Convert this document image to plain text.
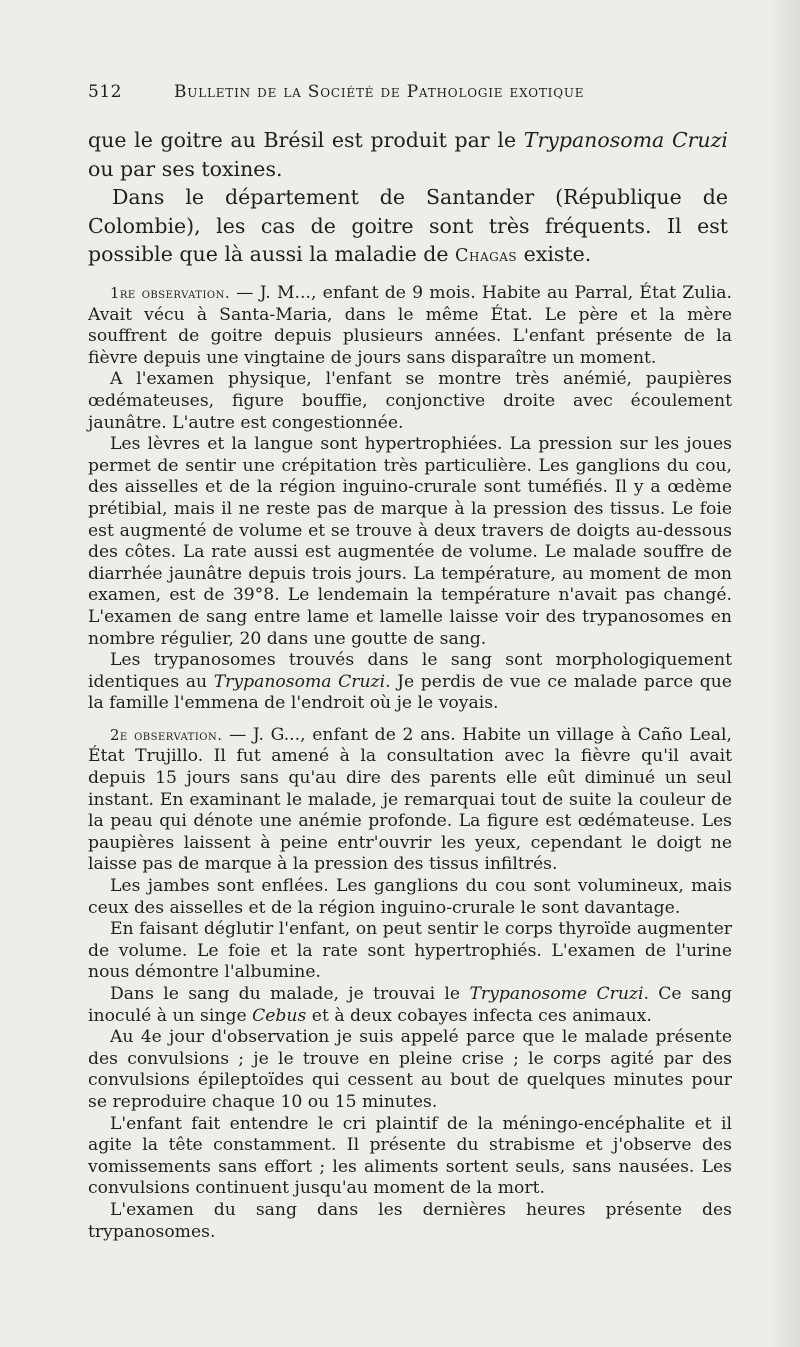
512	Bulletin de la Société de Pathologie exotique

que le goitre au Brésil est produit par le Trypanosoma Cruzi ou par ses toxines.

Dans le département de Santander (République de Colombie), les cas de goitre sont très fréquents. Il est possible que là aussi la maladie de Chagas existe.

1re observation. — J. M..., enfant de 9 mois. Habite au Parral, État Zulia. Avait vécu à Santa-Maria, dans le même État. Le père et la mère souffrent de goitre depuis plusieurs années. L'enfant présente de la fièvre depuis une vingtaine de jours sans disparaître un moment.

A l'examen physique, l'enfant se montre très anémié, paupières œdémateuses, figure bouffie, conjonctive droite avec écoulement jaunâtre. L'autre est congestionnée.

Les lèvres et la langue sont hypertrophiées. La pression sur les joues permet de sentir une crépitation très particulière. Les ganglions du cou, des aisselles et de la région inguino-crurale sont tuméfiés. Il y a œdème prétibial, mais il ne reste pas de marque à la pression des tissus. Le foie est augmenté de volume et se trouve à deux travers de doigts au-dessous des côtes. La rate aussi est augmentée de volume. Le malade souffre de diarrhée jaunâtre depuis trois jours. La température, au moment de mon examen, est de 39°8. Le lendemain la température n'avait pas changé. L'examen de sang entre lame et lamelle laisse voir des trypanosomes en nombre régulier, 20 dans une goutte de sang.

Les trypanosomes trouvés dans le sang sont morphologiquement identiques au Trypanosoma Cruzi. Je perdis de vue ce malade parce que la famille l'emmena de l'endroit où je le voyais.

2e observation. — J. G..., enfant de 2 ans. Habite un village à Caño Leal, État Trujillo. Il fut amené à la consultation avec la fièvre qu'il avait depuis 15 jours sans qu'au dire des parents elle eût diminué un seul instant. En examinant le malade, je remarquai tout de suite la couleur de la peau qui dénote une anémie profonde. La figure est œdémateuse. Les paupières laissent à peine entr'ouvrir les yeux, cependant le doigt ne laisse pas de marque à la pression des tissus infiltrés.

Les jambes sont enflées. Les ganglions du cou sont volumineux, mais ceux des aisselles et de la région inguino-crurale le sont davantage.

En faisant déglutir l'enfant, on peut sentir le corps thyroïde augmenter de volume. Le foie et la rate sont hypertrophiés. L'examen de l'urine nous démontre l'albumine.

Dans le sang du malade, je trouvai le Trypanosome Cruzi. Ce sang inoculé à un singe Cebus et à deux cobayes infecta ces animaux.

Au 4e jour d'observation je suis appelé parce que le malade présente des convulsions ; je le trouve en pleine crise ; le corps agité par des convulsions épileptoïdes qui cessent au bout de quelques minutes pour se reproduire chaque 10 ou 15 minutes.

L'enfant fait entendre le cri plaintif de la méningo-encéphalite et il agite la tête constamment. Il présente du strabisme et j'observe des vomissements sans effort ; les aliments sortent seuls, sans nausées. Les convulsions continuent jusqu'au moment de la mort.

L'examen du sang dans les dernières heures présente des trypanosomes.
